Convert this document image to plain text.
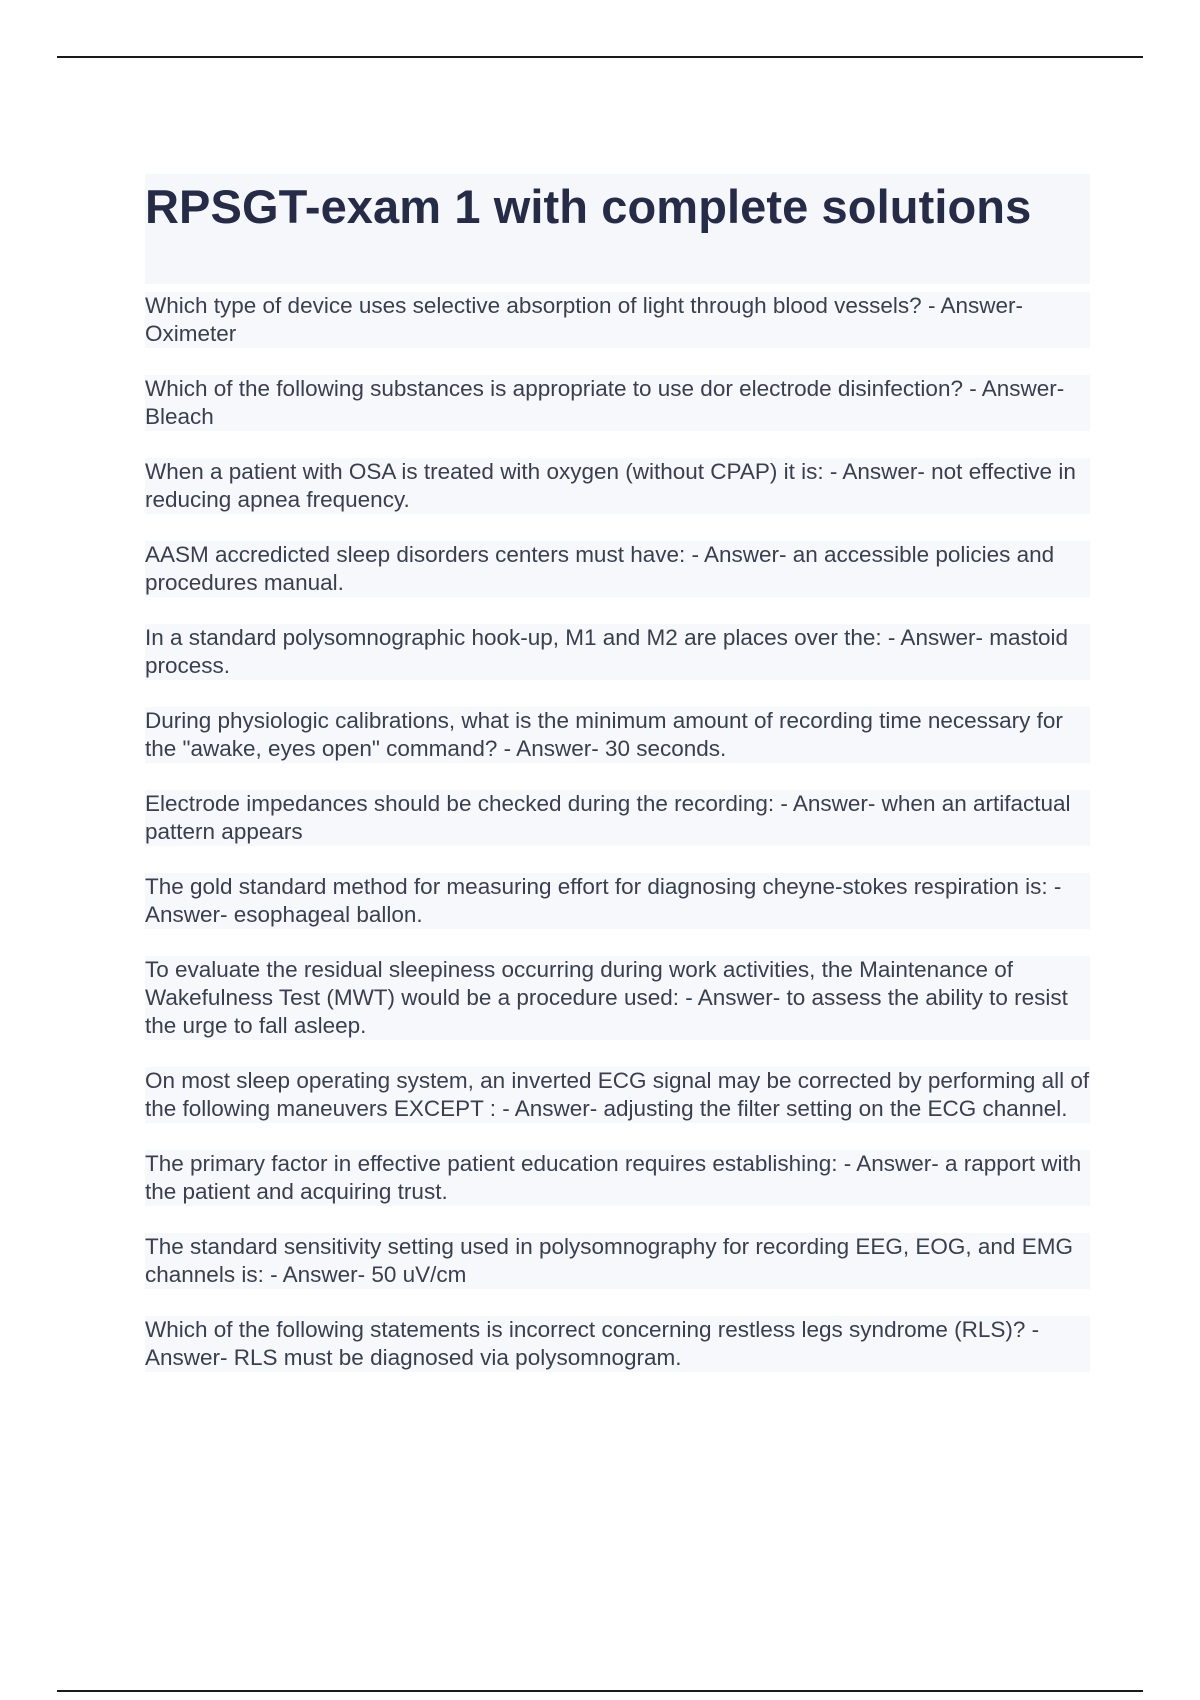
RPSGT-exam 1 with complete solutions

Which type of device uses selective absorption of light through blood vessels? - Answer- Oximeter

Which of the following substances is appropriate to use dor electrode disinfection? - Answer- Bleach

When a patient with OSA is treated with oxygen (without CPAP) it is: - Answer- not effective in reducing apnea frequency.

AASM accredicted sleep disorders centers must have: - Answer- an accessible policies and procedures manual.

In a standard polysomnographic hook-up, M1 and M2 are places over the: - Answer- mastoid process.

During physiologic calibrations, what is the minimum amount of recording time necessary for the "awake, eyes open" command? - Answer- 30 seconds.

Electrode impedances should be checked during the recording: - Answer- when an artifactual pattern appears

The gold standard method for measuring effort for diagnosing cheyne-stokes respiration is: - Answer- esophageal ballon.

To evaluate the residual sleepiness occurring during work activities, the Maintenance of Wakefulness Test (MWT) would be a procedure used: - Answer- to assess the ability to resist the urge to fall asleep.

On most sleep operating system, an inverted ECG signal may be corrected by performing all of the following maneuvers EXCEPT : - Answer- adjusting the filter setting on the ECG channel.

The primary factor in effective patient education requires establishing: - Answer- a rapport with the patient and acquiring trust.

The standard sensitivity setting used in polysomnography for recording EEG, EOG, and EMG channels is: - Answer- 50 uV/cm

Which of the following statements is incorrect concerning restless legs syndrome (RLS)? - Answer- RLS must be diagnosed via polysomnogram.
